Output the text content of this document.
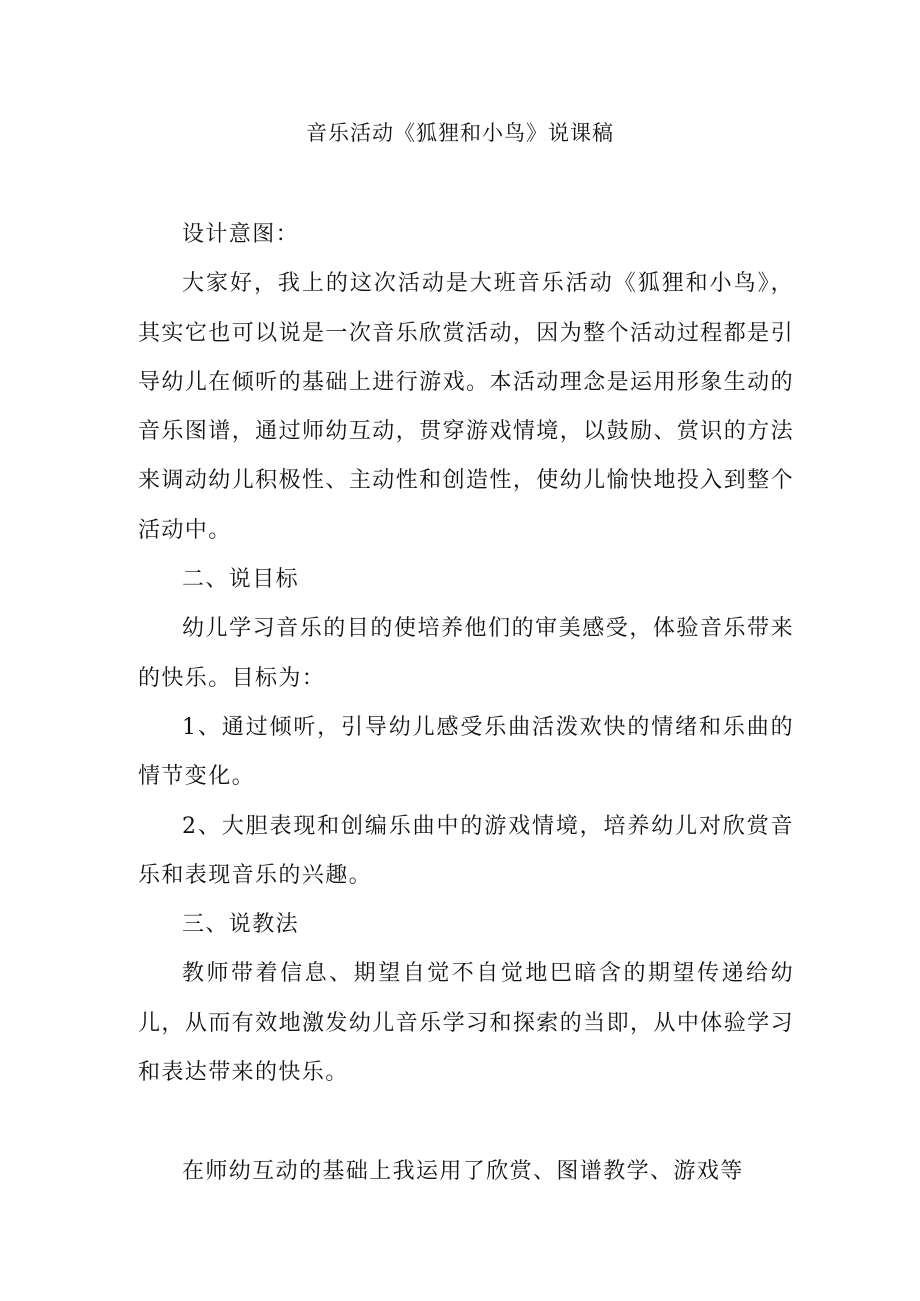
音乐活动《狐狸和小鸟》说课稿

设计意图：

大家好，我上的这次活动是大班音乐活动《狐狸和小鸟》，其实它也可以说是一次音乐欣赏活动，因为整个活动过程都是引导幼儿在倾听的基础上进行游戏。本活动理念是运用形象生动的音乐图谱，通过师幼互动，贯穿游戏情境，以鼓励、赏识的方法来调动幼儿积极性、主动性和创造性，使幼儿愉快地投入到整个活动中。

二、说目标

幼儿学习音乐的目的使培养他们的审美感受，体验音乐带来的快乐。目标为：

1、通过倾听，引导幼儿感受乐曲活泼欢快的情绪和乐曲的情节变化。

2、大胆表现和创编乐曲中的游戏情境，培养幼儿对欣赏音乐和表现音乐的兴趣。

三、说教法

教师带着信息、期望自觉不自觉地巴暗含的期望传递给幼儿，从而有效地激发幼儿音乐学习和探索的当即，从中体验学习和表达带来的快乐。

在师幼互动的基础上我运用了欣赏、图谱教学、游戏等
